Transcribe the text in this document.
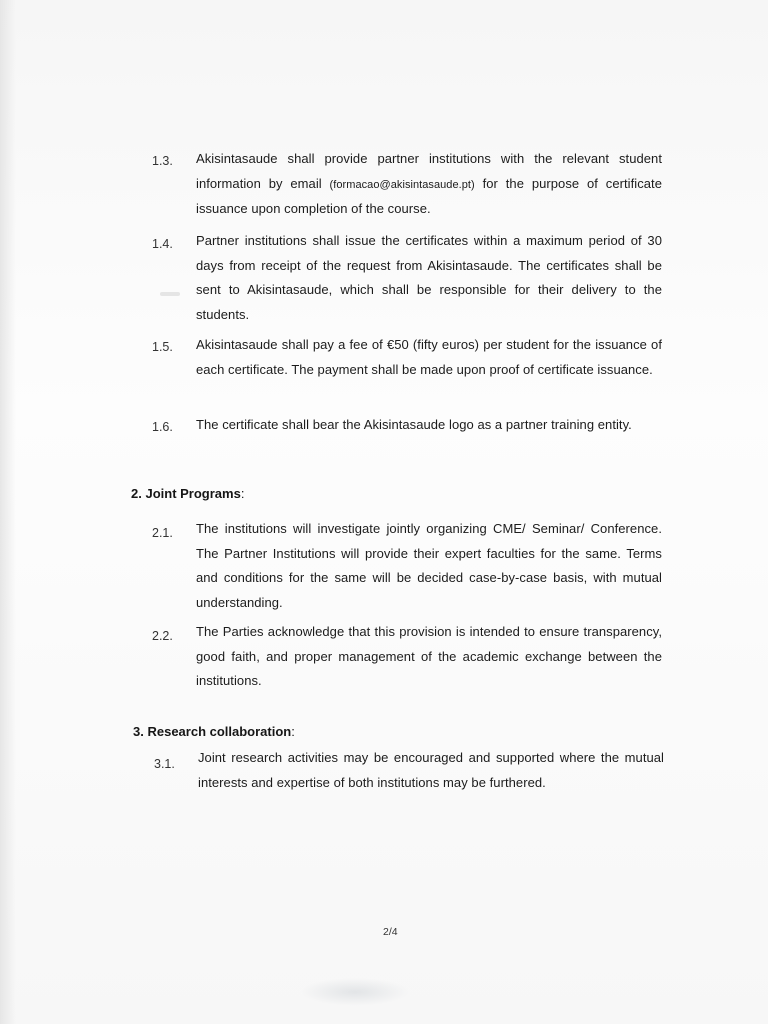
1.3. Akisintasaude shall provide partner institutions with the relevant student information by email (formacao@akisintasaude.pt) for the purpose of certificate issuance upon completion of the course.
1.4. Partner institutions shall issue the certificates within a maximum period of 30 days from receipt of the request from Akisintasaude. The certificates shall be sent to Akisintasaude, which shall be responsible for their delivery to the students.
1.5. Akisintasaude shall pay a fee of €50 (fifty euros) per student for the issuance of each certificate. The payment shall be made upon proof of certificate issuance.
1.6. The certificate shall bear the Akisintasaude logo as a partner training entity.
2. Joint Programs:
2.1. The institutions will investigate jointly organizing CME/ Seminar/ Conference. The Partner Institutions will provide their expert faculties for the same. Terms and conditions for the same will be decided case-by-case basis, with mutual understanding.
2.2. The Parties acknowledge that this provision is intended to ensure transparency, good faith, and proper management of the academic exchange between the institutions.
3. Research collaboration:
3.1. Joint research activities may be encouraged and supported where the mutual interests and expertise of both institutions may be furthered.
2/4
